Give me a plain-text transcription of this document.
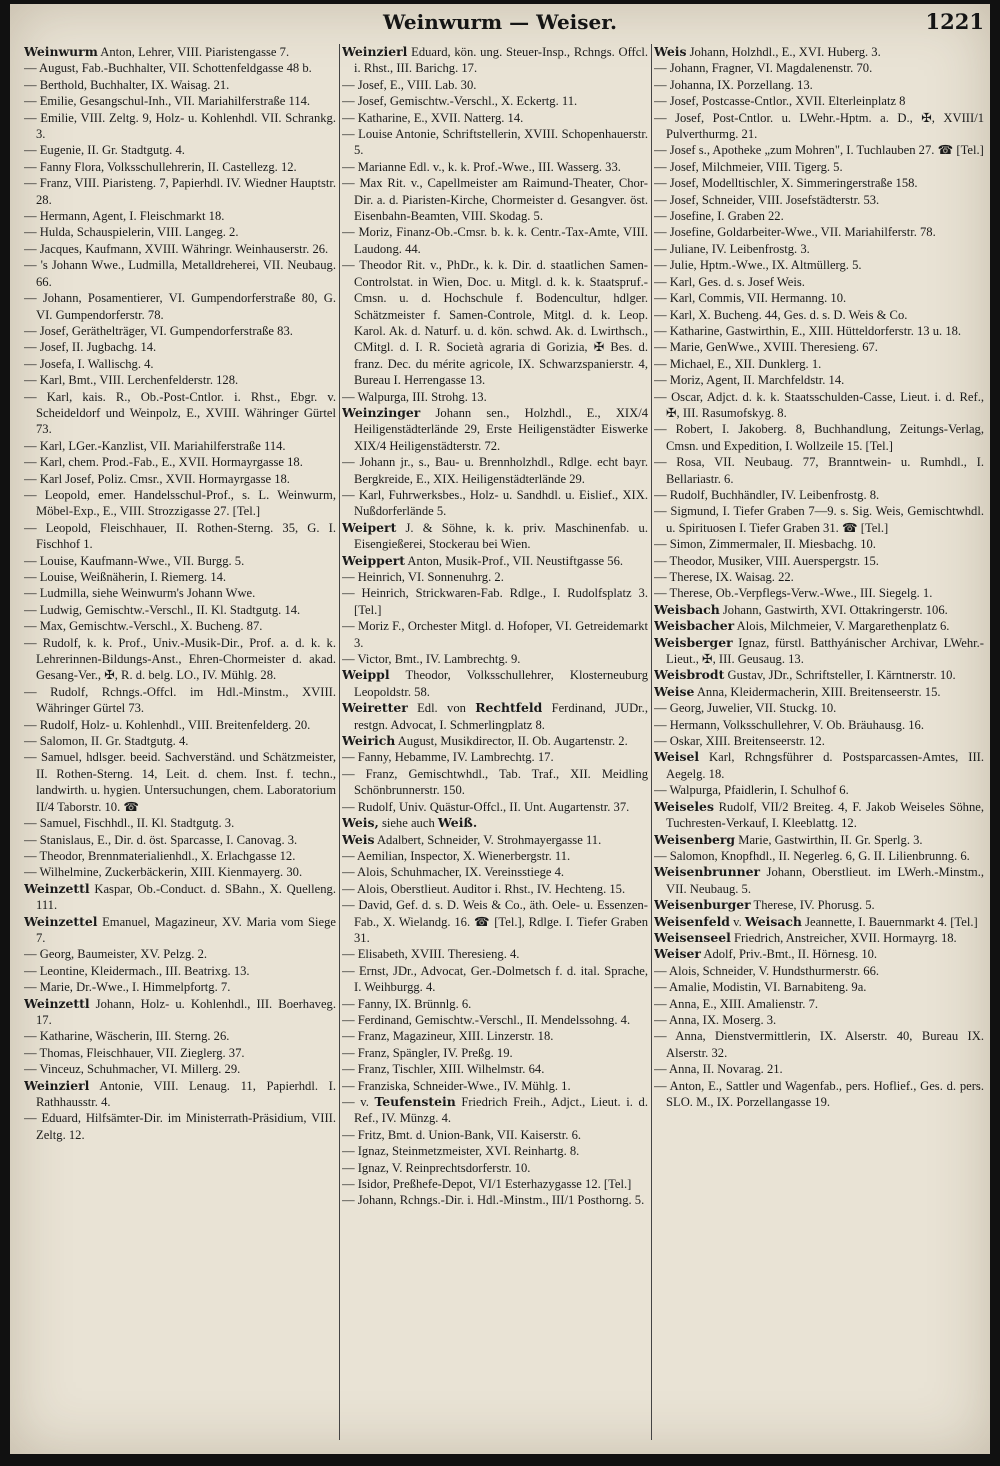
Weinwurm — Weiser.	1221

Weinwurm Anton, Lehrer, VIII. Piaristengasse 7.

— August, Fab.-Buchhalter, VII. Schottenfeldgasse 48 b.

— Berthold, Buchhalter, IX. Waisag. 21.

— Emilie, Gesangschul-Inh., VII. Mariahilferstraße 114.

— Emilie, VIII. Zeltg. 9, Holz- u. Kohlenhdl. VII. Schrankg. 3.

— Eugenie, II. Gr. Stadtgutg. 4.

— Fanny Flora, Volksschullehrerin, II. Castellezg. 12.

— Franz, VIII. Piaristeng. 7, Papierhdl. IV. Wiedner Hauptstr. 28.

— Hermann, Agent, I. Fleischmarkt 18.

— Hulda, Schauspielerin, VIII. Langeg. 2.

— Jacques, Kaufmann, XVIII. Währingr. Weinhauserstr. 26.

— 's Johann Wwe., Ludmilla, Metalldreherei, VII. Neubaug. 66.

— Johann, Posamentierer, VI. Gumpendorferstraße 80, G. VI. Gumpendorferstr. 78.

— Josef, Geräthelträger, VI. Gumpendorferstraße 83.

— Josef, II. Jugbachg. 14.

— Josefa, I. Wallischg. 4.

— Karl, Bmt., VIII. Lerchenfelderstr. 128.

— Karl, kais. R., Ob.-Post-Cntlor. i. Rhst., Ebgr. v. Scheideldorf und Weinpolz, E., XVIII. Währinger Gürtel 73.

— Karl, LGer.-Kanzlist, VII. Mariahilferstraße 114.

— Karl, chem. Prod.-Fab., E., XVII. Hormayrgasse 18.

— Karl Josef, Poliz. Cmsr., XVII. Hormayrgasse 18.

— Leopold, emer. Handelsschul-Prof., s. L. Weinwurm, Möbel-Exp., E., VIII. Strozzigasse 27. [Tel.]

— Leopold, Fleischhauer, II. Rothen-Sterng. 35, G. I. Fischhof 1.

— Louise, Kaufmann-Wwe., VII. Burgg. 5.

— Louise, Weißnäherin, I. Riemerg. 14.

— Ludmilla, siehe Weinwurm's Johann Wwe.

— Ludwig, Gemischtw.-Verschl., II. Kl. Stadtgutg. 14.

— Max, Gemischtw.-Verschl., X. Bucheng. 87.

— Rudolf, k. k. Prof., Univ.-Musik-Dir., Prof. a. d. k. k. Lehrerinnen-Bildungs-Anst., Ehren-Chormeister d. akad. Gesang-Ver., ✠, R. d. belg. LO., IV. Mühlg. 28.

— Rudolf, Rchngs.-Offcl. im Hdl.-Minstm., XVIII. Währinger Gürtel 73.

— Rudolf, Holz- u. Kohlenhdl., VIII. Breitenfelderg. 20.

— Salomon, II. Gr. Stadtgutg. 4.

— Samuel, hdlsger. beeid. Sachverständ. und Schätzmeister, II. Rothen-Sterng. 14, Leit. d. chem. Inst. f. techn., landwirth. u. hygien. Untersuchungen, chem. Laboratorium II/4 Taborstr. 10. ☎

— Samuel, Fischhdl., II. Kl. Stadtgutg. 3.

— Stanislaus, E., Dir. d. öst. Sparcasse, I. Canovag. 3.

— Theodor, Brennmaterialienhdl., X. Erlachgasse 12.

— Wilhelmine, Zuckerbäckerin, XIII. Kienmayerg. 30.

Weinzettl Kaspar, Ob.-Conduct. d. SBahn., X. Quelleng. 111.

Weinzettel Emanuel, Magazineur, XV. Maria vom Siege 7.

— Georg, Baumeister, XV. Pelzg. 2.

— Leontine, Kleidermach., III. Beatrixg. 13.

— Marie, Dr.-Wwe., I. Himmelpfortg. 7.

Weinzettl Johann, Holz- u. Kohlenhdl., III. Boerhaveg. 17.

— Katharine, Wäscherin, III. Sterng. 26.

— Thomas, Fleischhauer, VII. Zieglerg. 37.

— Vinceuz, Schuhmacher, VI. Millerg. 29.

Weinzierl Antonie, VIII. Lenaug. 11, Papierhdl. I. Rathhausstr. 4.

— Eduard, Hilfsämter-Dir. im Ministerrath-Präsidium, VIII. Zeltg. 12.

Weinzierl Eduard, kön. ung. Steuer-Insp., Rchngs. Offcl. i. Rhst., III. Barichg. 17.

— Josef, E., VIII. Lab. 30.

— Josef, Gemischtw.-Verschl., X. Eckertg. 11.

— Katharine, E., XVII. Natterg. 14.

— Louise Antonie, Schriftstellerin, XVIII. Schopenhauerstr. 5.

— Marianne Edl. v., k. k. Prof.-Wwe., III. Wasserg. 33.

— Max Rit. v., Capellmeister am Raimund-Theater, Chor-Dir. a. d. Piaristen-Kirche, Chormeister d. Gesangver. öst. Eisenbahn-Beamten, VIII. Skodag. 5.

— Moriz, Finanz-Ob.-Cmsr. b. k. k. Centr.-Tax-Amte, VIII. Laudong. 44.

— Theodor Rit. v., PhDr., k. k. Dir. d. staatlichen Samen-Controlstat. in Wien, Doc. u. Mitgl. d. k. k. Staatspruf.-Cmsn. u. d. Hochschule f. Bodencultur, hdlger. Schätzmeister f. Samen-Controle, Mitgl. d. k. Leop. Karol. Ak. d. Naturf. u. d. kön. schwd. Ak. d. Lwirthsch., CMitgl. d. I. R. Società agraria di Gorizia, ✠ Bes. d. franz. Dec. du mérite agricole, IX. Schwarzspanierstr. 4, Bureau I. Herrengasse 13.

— Walpurga, III. Strohg. 13.

Weinzinger Johann sen., Holzhdl., E., XIX/4 Heiligenstädterlände 29, Erste Heiligenstädter Eiswerke XIX/4 Heiligenstädterstr. 72.

— Johann jr., s., Bau- u. Brennholzhdl., Rdlge. echt bayr. Bergkreide, E., XIX. Heiligenstädterlände 29.

— Karl, Fuhrwerksbes., Holz- u. Sandhdl. u. Eislief., XIX. Nußdorferlände 5.

Weipert J. & Söhne, k. k. priv. Maschinenfab. u. Eisengießerei, Stockerau bei Wien.

Weippert Anton, Musik-Prof., VII. Neustiftgasse 56.

— Heinrich, VI. Sonnenuhrg. 2.

— Heinrich, Strickwaren-Fab. Rdlge., I. Rudolfsplatz 3. [Tel.]

— Moriz F., Orchester Mitgl. d. Hofoper, VI. Getreidemarkt 3.

— Victor, Bmt., IV. Lambrechtg. 9.

Weippl Theodor, Volksschullehrer, Klosterneuburg Leopoldstr. 58.

Weiretter Edl. von Rechtfeld Ferdinand, JUDr., restgn. Advocat, I. Schmerlingplatz 8.

Weirich August, Musikdirector, II. Ob. Augartenstr. 2.

— Fanny, Hebamme, IV. Lambrechtg. 17.

— Franz, Gemischtwhdl., Tab. Traf., XII. Meidling Schönbrunnerstr. 150.

— Rudolf, Univ. Quästur-Offcl., II. Unt. Augartenstr. 37.

Weis, siehe auch Weiß.

Weis Adalbert, Schneider, V. Strohmayergasse 11.

— Aemilian, Inspector, X. Wienerbergstr. 11.

— Alois, Schuhmacher, IX. Vereinsstiege 4.

— Alois, Oberstlieut. Auditor i. Rhst., IV. Hechteng. 15.

— David, Gef. d. s. D. Weis & Co., äth. Oele- u. Essenzen-Fab., X. Wielandg. 16. ☎ [Tel.], Rdlge. I. Tiefer Graben 31.

— Elisabeth, XVIII. Theresieng. 4.

— Ernst, JDr., Advocat, Ger.-Dolmetsch f. d. ital. Sprache, I. Weihburgg. 4.

— Fanny, IX. Brünnlg. 6.

— Ferdinand, Gemischtw.-Verschl., II. Mendelssohng. 4.

— Franz, Magazineur, XIII. Linzerstr. 18.

— Franz, Spängler, IV. Preßg. 19.

— Franz, Tischler, XIII. Wilhelmstr. 64.

— Franziska, Schneider-Wwe., IV. Mühlg. 1.

— v. Teufenstein Friedrich Freih., Adjct., Lieut. i. d. Ref., IV. Münzg. 4.

— Fritz, Bmt. d. Union-Bank, VII. Kaiserstr. 6.

— Ignaz, Steinmetzmeister, XVI. Reinhartg. 8.

— Ignaz, V. Reinprechtsdorferstr. 10.

— Isidor, Preßhefe-Depot, VI/1 Esterhazygasse 12. [Tel.]

— Johann, Rchngs.-Dir. i. Hdl.-Minstm., III/1 Posthorng. 5.

Weis Johann, Holzhdl., E., XVI. Huberg. 3.

— Johann, Fragner, VI. Magdalenenstr. 70.

— Johanna, IX. Porzellang. 13.

— Josef, Postcasse-Cntlor., XVII. Elterleinplatz 8

— Josef, Post-Cntlor. u. LWehr.-Hptm. a. D., ✠, XVIII/1 Pulverthurmg. 21.

— Josef s., Apotheke „zum Mohren", I. Tuchlauben 27. ☎ [Tel.]

— Josef, Milchmeier, VIII. Tigerg. 5.

— Josef, Modelltischler, X. Simmeringerstraße 158.

— Josef, Schneider, VIII. Josefstädterstr. 53.

— Josefine, I. Graben 22.

— Josefine, Goldarbeiter-Wwe., VII. Mariahilferstr. 78.

— Juliane, IV. Leibenfrostg. 3.

— Julie, Hptm.-Wwe., IX. Altmüllerg. 5.

— Karl, Ges. d. s. Josef Weis.

— Karl, Commis, VII. Hermanng. 10.

— Karl, X. Bucheng. 44, Ges. d. s. D. Weis & Co.

— Katharine, Gastwirthin, E., XIII. Hütteldorferstr. 13 u. 18.

— Marie, GenWwe., XVIII. Theresieng. 67.

— Michael, E., XII. Dunklerg. 1.

— Moriz, Agent, II. Marchfeldstr. 14.

— Oscar, Adjct. d. k. k. Staatsschulden-Casse, Lieut. i. d. Ref., ✠, III. Rasumofskyg. 8.

— Robert, I. Jakoberg. 8, Buchhandlung, Zeitungs-Verlag, Cmsn. und Expedition, I. Wollzeile 15. [Tel.]

— Rosa, VII. Neubaug. 77, Branntwein- u. Rumhdl., I. Bellariastr. 6.

— Rudolf, Buchhändler, IV. Leibenfrostg. 8.

— Sigmund, I. Tiefer Graben 7—9. s. Sig. Weis, Gemischtwhdl. u. Spirituosen I. Tiefer Graben 31. ☎ [Tel.]

— Simon, Zimmermaler, II. Miesbachg. 10.

— Theodor, Musiker, VIII. Auerspergstr. 15.

— Therese, IX. Waisag. 22.

— Therese, Ob.-Verpflegs-Verw.-Wwe., III. Siegelg. 1.

Weisbach Johann, Gastwirth, XVI. Ottakringerstr. 106.

Weisbacher Alois, Milchmeier, V. Margarethenplatz 6.

Weisberger Ignaz, fürstl. Batthyánischer Archivar, LWehr.-Lieut., ✠, III. Geusaug. 13.

Weisbrodt Gustav, JDr., Schriftsteller, I. Kärntnerstr. 10.

Weise Anna, Kleidermacherin, XIII. Breitenseerstr. 15.

— Georg, Juwelier, VII. Stuckg. 10.

— Hermann, Volksschullehrer, V. Ob. Bräuhausg. 16.

— Oskar, XIII. Breitenseerstr. 12.

Weisel Karl, Rchngsführer d. Postsparcassen-Amtes, III. Aegelg. 18.

— Walpurga, Pfaidlerin, I. Schulhof 6.

Weiseles Rudolf, VII/2 Breiteg. 4, F. Jakob Weiseles Söhne, Tuchresten-Verkauf, I. Kleeblattg. 12.

Weisenberg Marie, Gastwirthin, II. Gr. Sperlg. 3.

— Salomon, Knopfhdl., II. Negerleg. 6, G. II. Lilienbrunng. 6.

Weisenbrunner Johann, Oberstlieut. im LWerh.-Minstm., VII. Neubaug. 5.

Weisenburger Therese, IV. Phorusg. 5.

Weisenfeld v. Weisach Jeannette, I. Bauernmarkt 4. [Tel.]

Weisenseel Friedrich, Anstreicher, XVII. Hormayrg. 18.

Weiser Adolf, Priv.-Bmt., II. Hörnesg. 10.

— Alois, Schneider, V. Hundsthurmerstr. 66.

— Amalie, Modistin, VI. Barnabiteng. 9a.

— Anna, E., XIII. Amalienstr. 7.

— Anna, IX. Moserg. 3.

— Anna, Dienstvermittlerin, IX. Alserstr. 40, Bureau IX. Alserstr. 32.

— Anna, II. Novarag. 21.

— Anton, E., Sattler und Wagenfab., pers. Hoflief., Ges. d. pers. SLO. M., IX. Porzellangasse 19.
